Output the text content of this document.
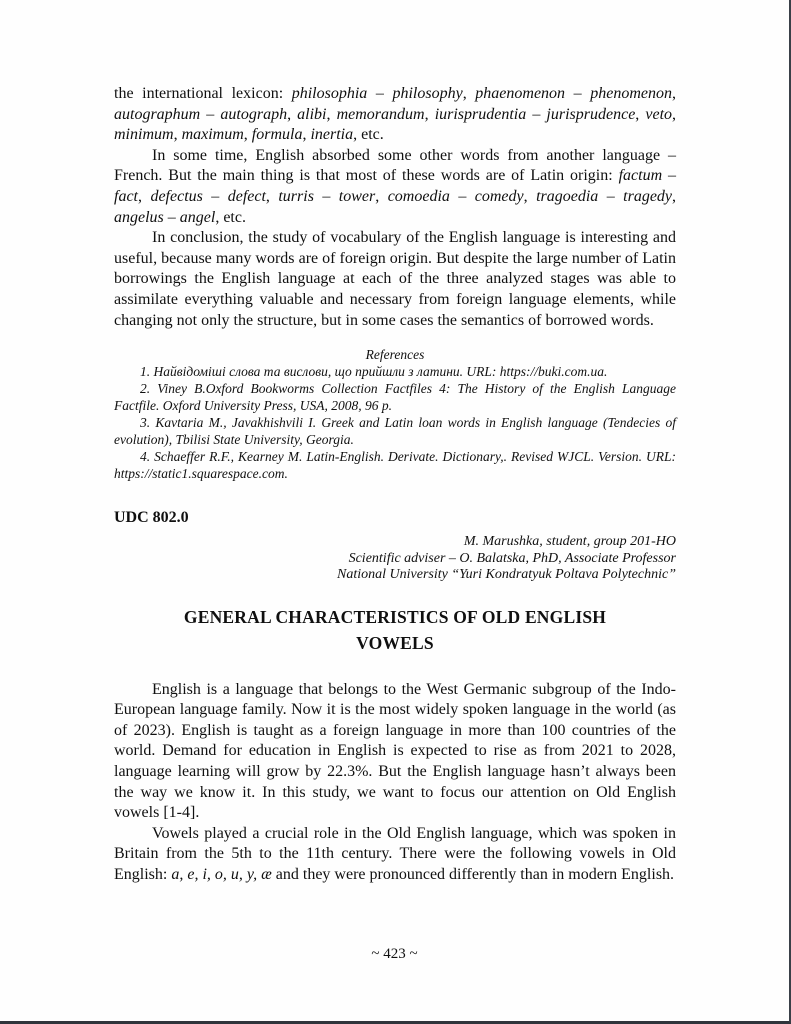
the international lexicon: philosophia – philosophy, phaenomenon – phenomenon, autographum – autograph, alibi, memorandum, iurisprudentia – jurisprudence, veto, minimum, maximum, formula, inertia, etc.

In some time, English absorbed some other words from another language – French. But the main thing is that most of these words are of Latin origin: factum – fact, defectus – defect, turris – tower, comoedia – comedy, tragoedia – tragedy, angelus – angel, etc.

In conclusion, the study of vocabulary of the English language is interesting and useful, because many words are of foreign origin. But despite the large number of Latin borrowings the English language at each of the three analyzed stages was able to assimilate everything valuable and necessary from foreign language elements, while changing not only the structure, but in some cases the semantics of borrowed words.

References

1. Найвідоміші слова та вислови, що прийшли з латини. URL: https://buki.com.ua.

2. Viney B.Oxford Bookworms Collection Factfiles 4: The History of the English Language Factfile. Oxford University Press, USA, 2008, 96 p.

3. Kavtaria M., Javakhishvili I. Greek and Latin loan words in English language (Tendecies of evolution), Tbilisi State University, Georgia.

4. Schaeffer R.F., Kearney M. Latin-English. Derivate. Dictionary,. Revised WJCL. Version. URL: https://static1.squarespace.com.

UDC 802.0
M. Marushka, student, group 201-HO
Scientific adviser – O. Balatska, PhD, Associate Professor
National University “Yuri Kondratyuk Poltava Polytechnic”
GENERAL CHARACTERISTICS OF OLD ENGLISH
VOWELS

English is a language that belongs to the West Germanic subgroup of the Indo-European language family. Now it is the most widely spoken language in the world (as of 2023). English is taught as a foreign language in more than 100 countries of the world. Demand for education in English is expected to rise as from 2021 to 2028, language learning will grow by 22.3%. But the English language hasn’t always been the way we know it. In this study, we want to focus our attention on Old English vowels [1-4].

Vowels played a crucial role in the Old English language, which was spoken in Britain from the 5th to the 11th century. There were the following vowels in Old English: a, e, i, o, u, y, æ and they were pronounced differently than in modern English.

~ 423 ~
